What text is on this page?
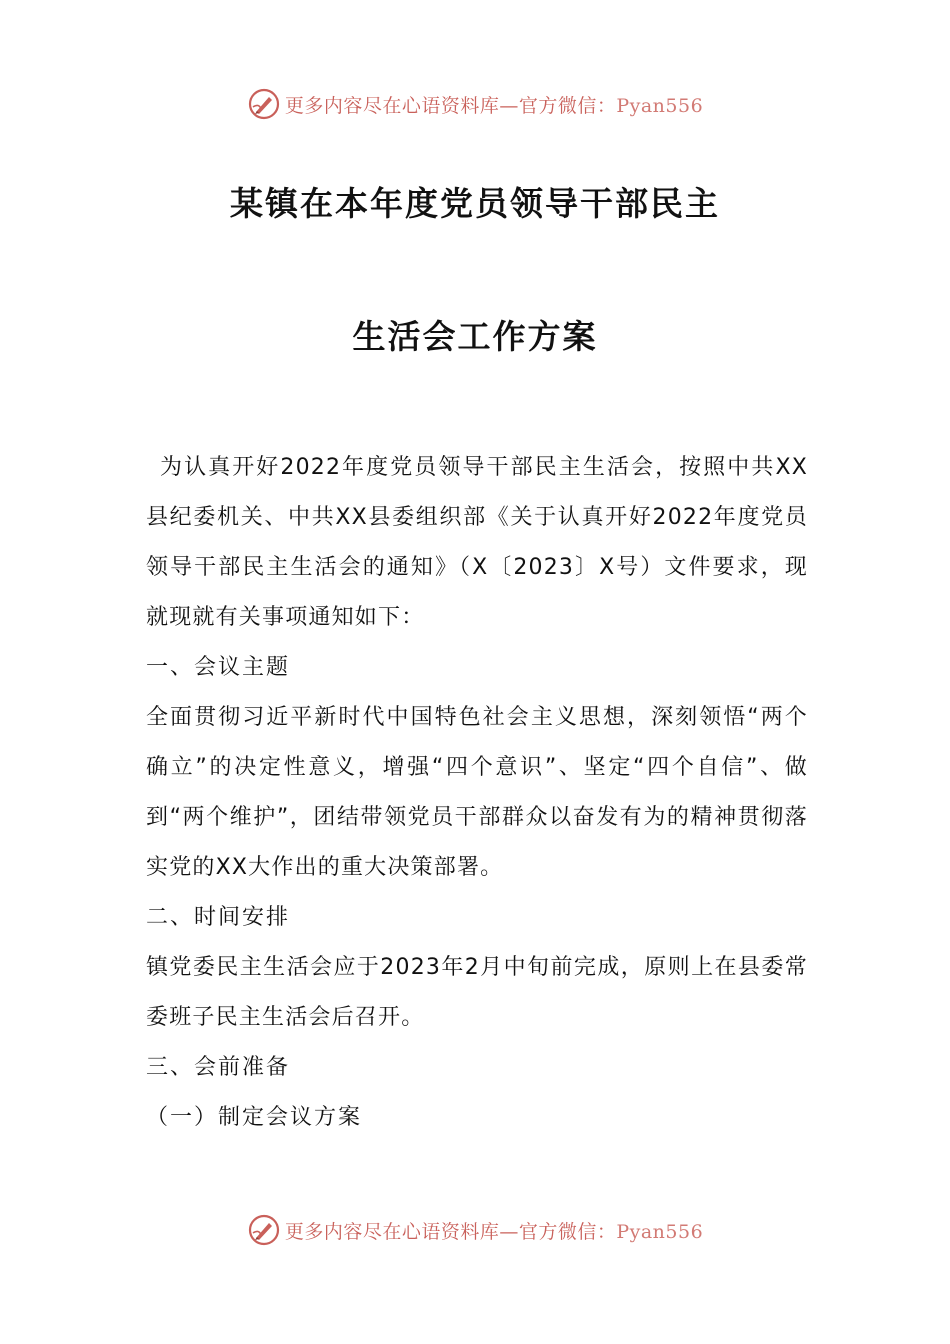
更多内容尽在心语资料库—官方微信：Pyan556
某镇在本年度党员领导干部民主
生活会工作方案

为认真开好2022年度党员领导干部民主生活会，按照中共XX县纪委机关、中共XX县委组织部《关于认真开好2022年度党员领导干部民主生活会的通知》（X〔2023〕X号）文件要求，现就现就有关事项通知如下：

一、会议主题

全面贯彻习近平新时代中国特色社会主义思想，深刻领悟“两个确立”的决定性意义，增强“四个意识”、坚定“四个自信”、做到“两个维护”，团结带领党员干部群众以奋发有为的精神贯彻落实党的XX大作出的重大决策部署。

二、时间安排

镇党委民主生活会应于2023年2月中旬前完成，原则上在县委常委班子民主生活会后召开。

三、会前准备

（一）制定会议方案

更多内容尽在心语资料库—官方微信：Pyan556
